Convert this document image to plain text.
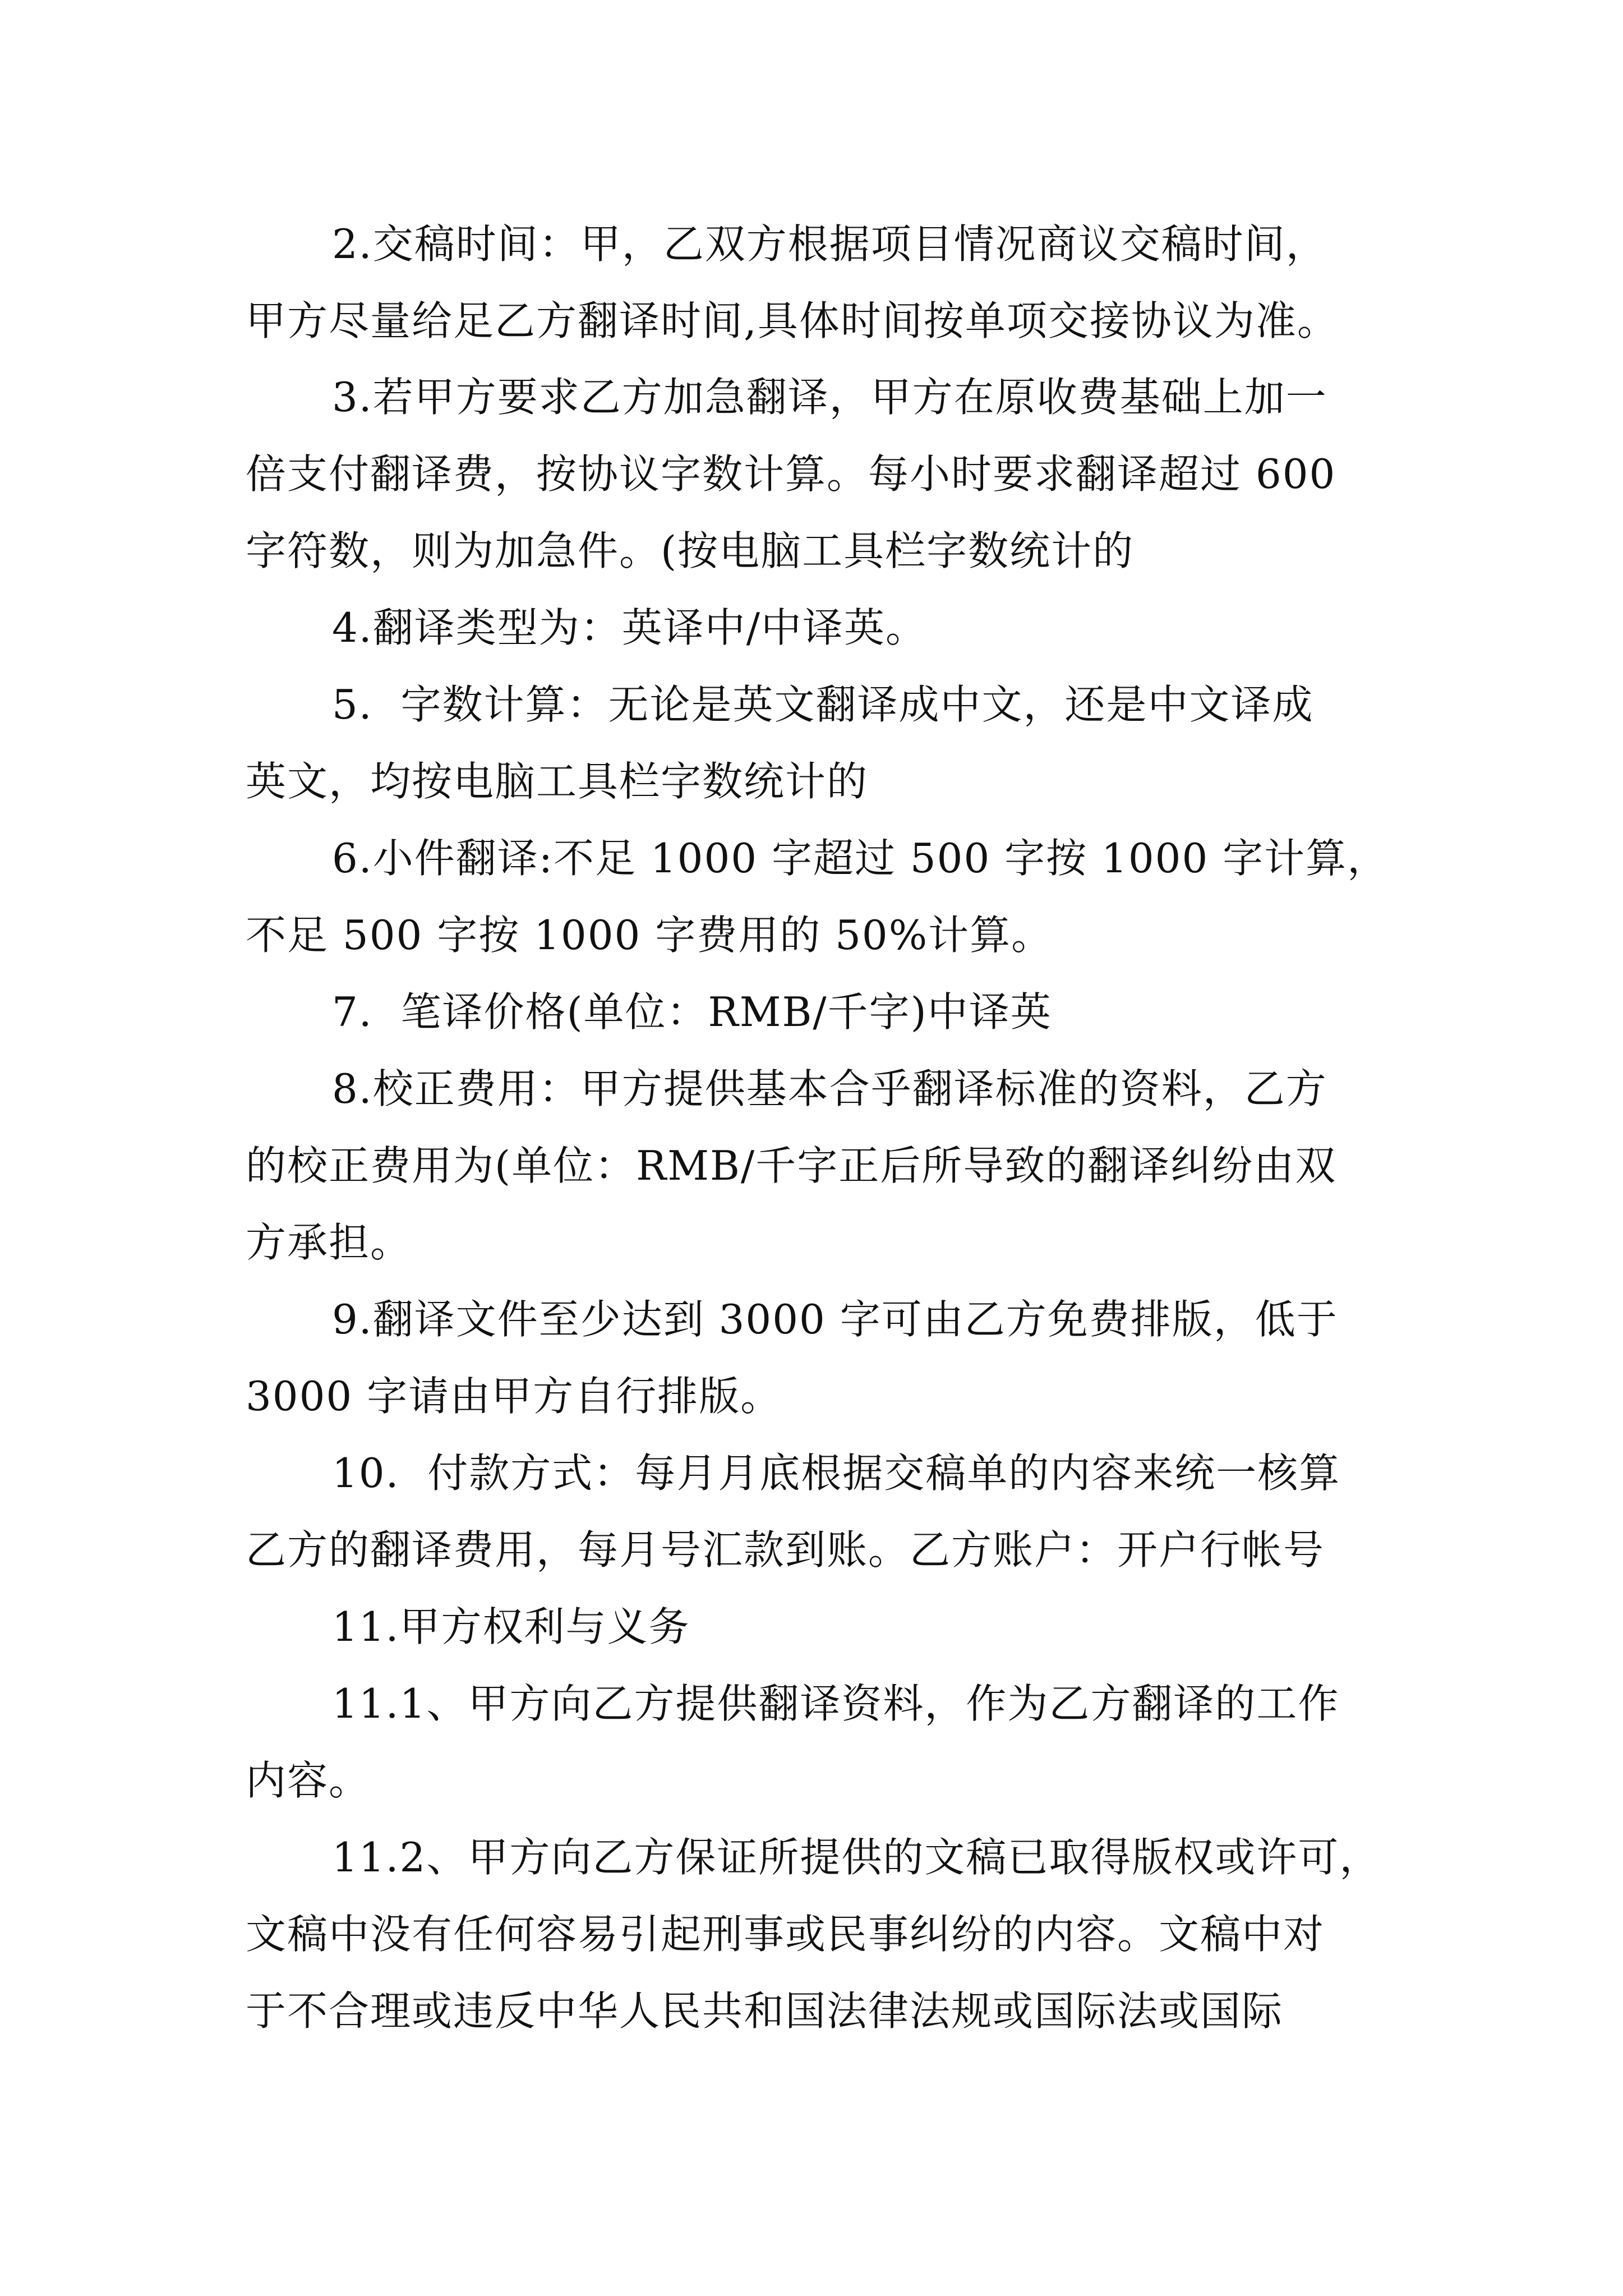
2.交稿时间：甲，乙双方根据项目情况商议交稿时间，
甲方尽量给足乙方翻译时间,具体时间按单项交接协议为准。
3.若甲方要求乙方加急翻译，甲方在原收费基础上加一
倍支付翻译费，按协议字数计算。每小时要求翻译超过 600
字符数，则为加急件。(按电脑工具栏字数统计的
4.翻译类型为：英译中/中译英。
5.  字数计算：无论是英文翻译成中文，还是中文译成
英文，均按电脑工具栏字数统计的
6.小件翻译:不足 1000 字超过 500 字按 1000 字计算，
不足 500 字按 1000 字费用的 50%计算。
7.  笔译价格(单位：RMB/千字)中译英
8.校正费用：甲方提供基本合乎翻译标准的资料，乙方
的校正费用为(单位：RMB/千字正后所导致的翻译纠纷由双
方承担。
9.翻译文件至少达到 3000 字可由乙方免费排版，低于
3000 字请由甲方自行排版。
10.  付款方式：每月月底根据交稿单的内容来统一核算
乙方的翻译费用，每月号汇款到账。乙方账户：开户行帐号
11.甲方权利与义务
11.1、甲方向乙方提供翻译资料，作为乙方翻译的工作
内容。
11.2、甲方向乙方保证所提供的文稿已取得版权或许可，
文稿中没有任何容易引起刑事或民事纠纷的内容。文稿中对
于不合理或违反中华人民共和国法律法规或国际法或国际
